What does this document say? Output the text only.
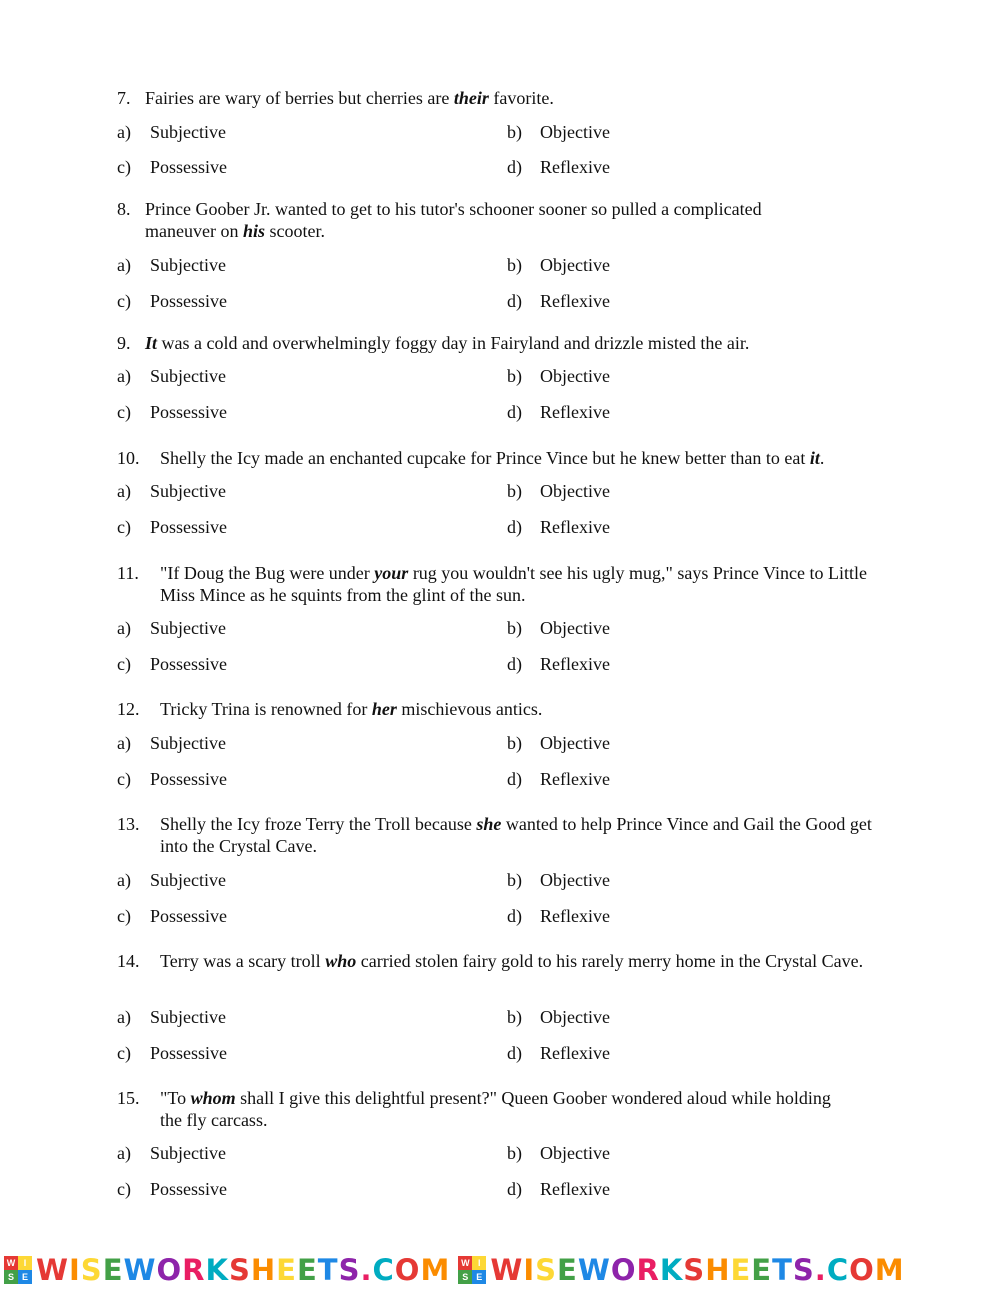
7. Fairies are wary of berries but cherries are their favorite.
a) Subjective	b) Objective
c) Possessive	d) Reflexive
8. Prince Goober Jr. wanted to get to his tutor's schooner sooner so pulled a complicated maneuver on his scooter.
a) Subjective	b) Objective
c) Possessive	d) Reflexive
9. It was a cold and overwhelmingly foggy day in Fairyland and drizzle misted the air.
a) Subjective	b) Objective
c) Possessive	d) Reflexive
10.	Shelly the Icy made an enchanted cupcake for Prince Vince but he knew better than to eat it.
a) Subjective	b) Objective
c) Possessive	d) Reflexive
11.	"If Doug the Bug were under your rug you wouldn't see his ugly mug," says Prince Vince to Little Miss Mince as he squints from the glint of the sun.
a) Subjective	b) Objective
c) Possessive	d) Reflexive
12.	Tricky Trina is renowned for her mischievous antics.
a) Subjective	b) Objective
c) Possessive	d) Reflexive
13.	Shelly the Icy froze Terry the Troll because she wanted to help Prince Vince and Gail the Good get into the Crystal Cave.
a) Subjective	b) Objective
c) Possessive	d) Reflexive
14.	Terry was a scary troll who carried stolen fairy gold to his rarely merry home in the Crystal Cave.
a) Subjective	b) Objective
c) Possessive	d) Reflexive
15.	"To whom shall I give this delightful present?" Queen Goober wondered aloud while holding the fly carcass.
a) Subjective	b) Objective
c) Possessive	d) Reflexive
W I
S E WISEWORKSHEETS.COM	W I
S E WISEWORKSHEETS.COM
